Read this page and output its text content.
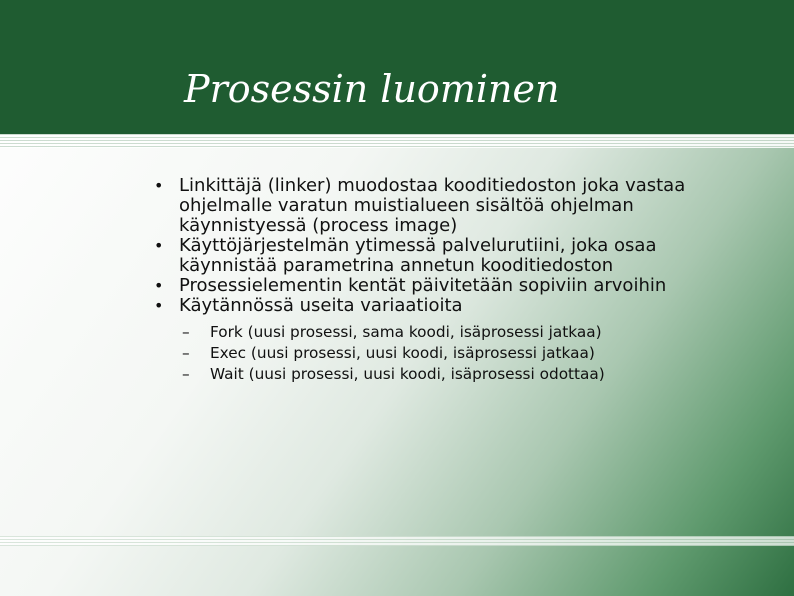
Prosessin luominen
• Linkittäjä (linker) muodostaa kooditiedoston joka vastaa ohjelmalle varatun muistialueen sisältöä ohjelman käynnistyessä (process image)
• Käyttöjärjestelmän ytimessä palvelurutiini, joka osaa käynnistää parametrina annetun kooditiedoston
• Prosessielementin kentät päivitetään sopiviin arvoihin
• Käytännössä useita variaatioita
– Fork (uusi prosessi, sama koodi, isäprosessi jatkaa)
– Exec (uusi prosessi, uusi koodi, isäprosessi jatkaa)
– Wait (uusi prosessi, uusi koodi, isäprosessi odottaa)
